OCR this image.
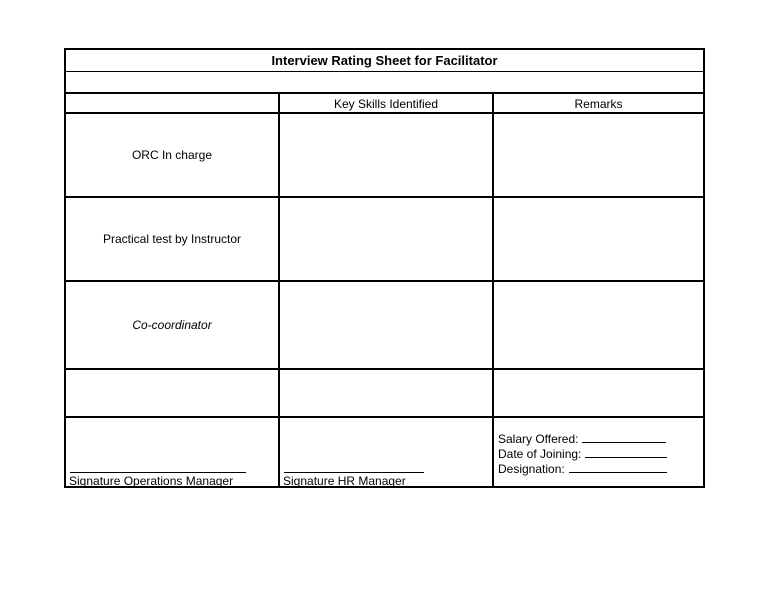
Interview Rating Sheet for Facilitator
Key Skills Identified	Remarks
ORC In charge
Practical test by Instructor
Co-coordinator
Signature Operations Manager	Signature HR Manager
Salary Offered:
Date of Joining:
Designation:
